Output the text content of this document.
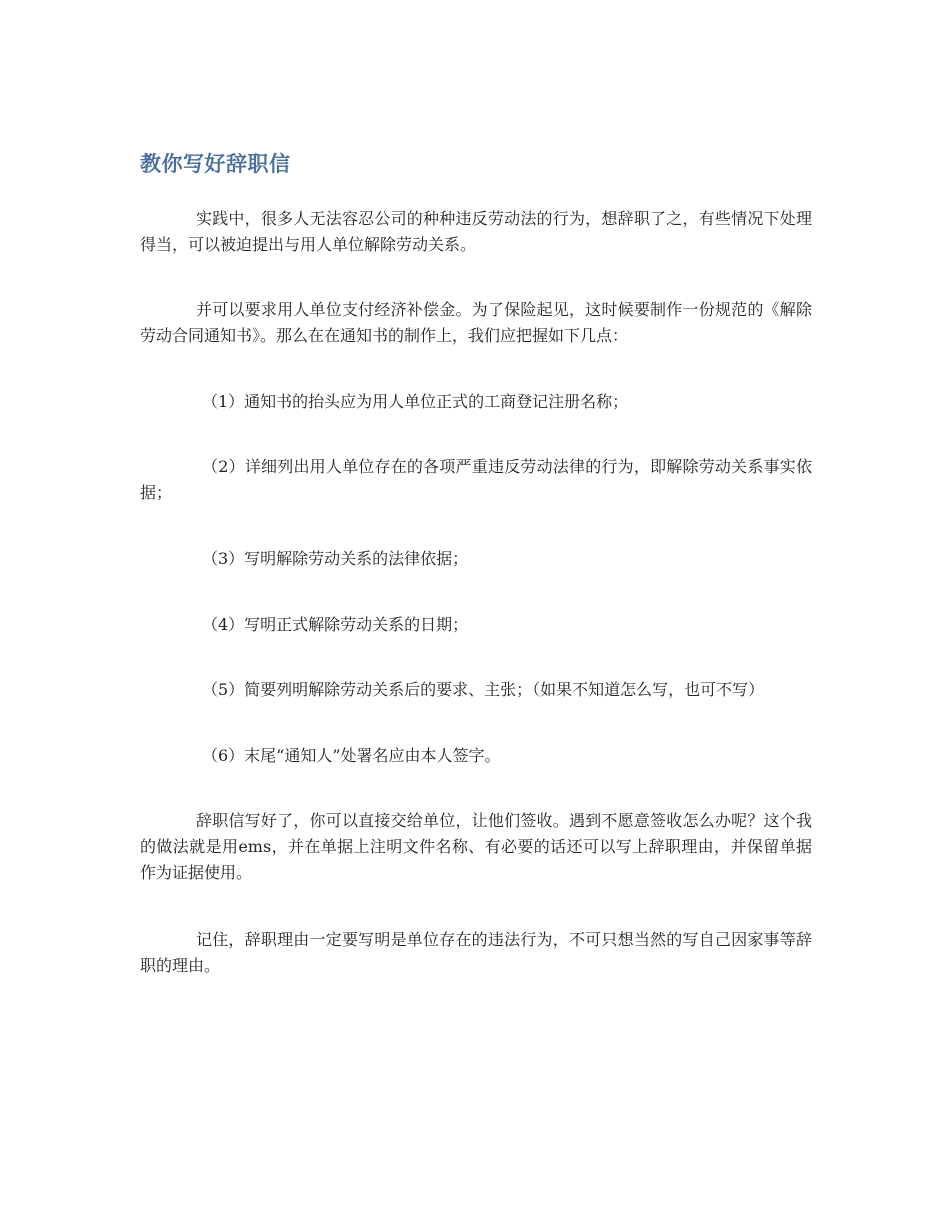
教你写好辞职信

实践中，很多人无法容忍公司的种种违反劳动法的行为，想辞职了之，有些情况下处理得当，可以被迫提出与用人单位解除劳动关系。

并可以要求用人单位支付经济补偿金。为了保险起见，这时候要制作一份规范的《解除劳动合同通知书》。那么在在通知书的制作上，我们应把握如下几点：

（1）通知书的抬头应为用人单位正式的工商登记注册名称；

（2）详细列出用人单位存在的各项严重违反劳动法律的行为，即解除劳动关系事实依据；

（3）写明解除劳动关系的法律依据；

（4）写明正式解除劳动关系的日期；

（5）简要列明解除劳动关系后的要求、主张；（如果不知道怎么写，也可不写）

（6）末尾“通知人”处署名应由本人签字。

辞职信写好了，你可以直接交给单位，让他们签收。遇到不愿意签收怎么办呢？这个我的做法就是用ems，并在单据上注明文件名称、有必要的话还可以写上辞职理由，并保留单据作为证据使用。

记住，辞职理由一定要写明是单位存在的违法行为，不可只想当然的写自己因家事等辞职的理由。
